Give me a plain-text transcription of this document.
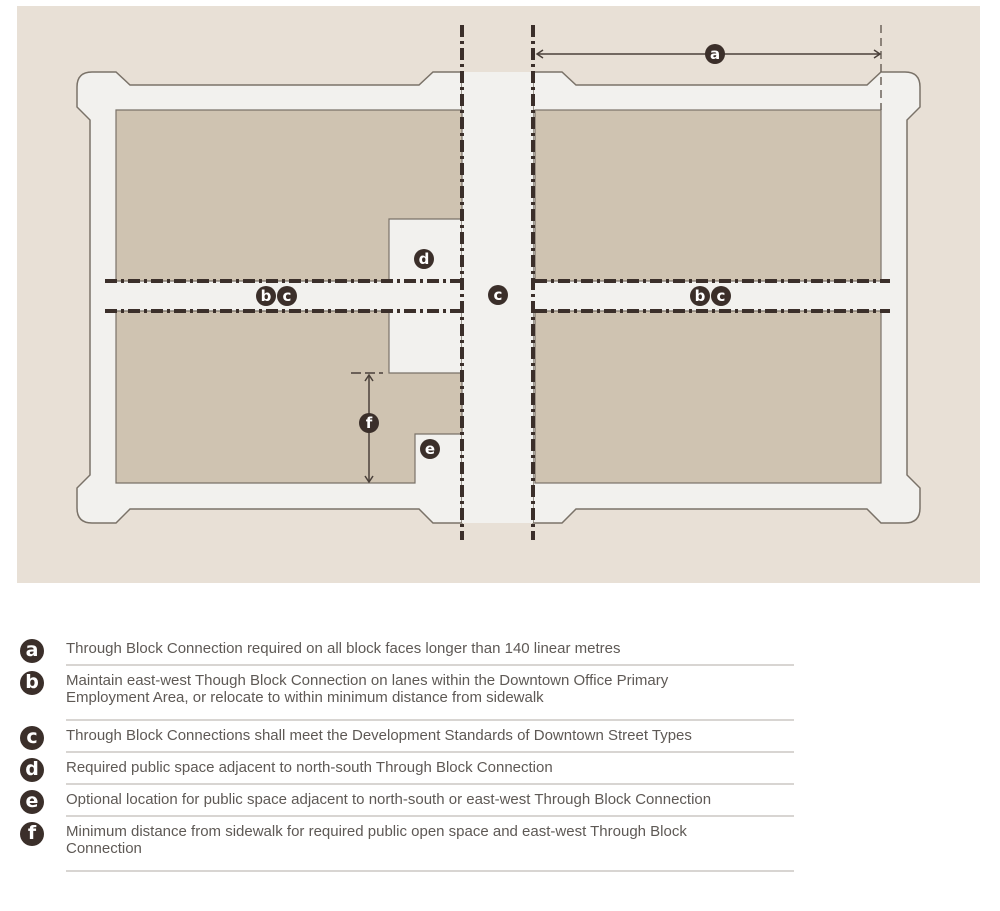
a
b c	c	b c
d
e
f
a	Through Block Connection required on all block faces longer than 140 linear metres
b	Maintain east-west Though Block Connection on lanes within the Downtown Office Primary Employment Area, or relocate to within minimum distance from sidewalk
c	Through Block Connections shall meet the Development Standards of Downtown Street Types
d	Required public space adjacent to north-south Through Block Connection
e	Optional location for public space adjacent to north-south or east-west Through Block Connection
f	Minimum distance from sidewalk for required public open space and east-west Through Block Connection
